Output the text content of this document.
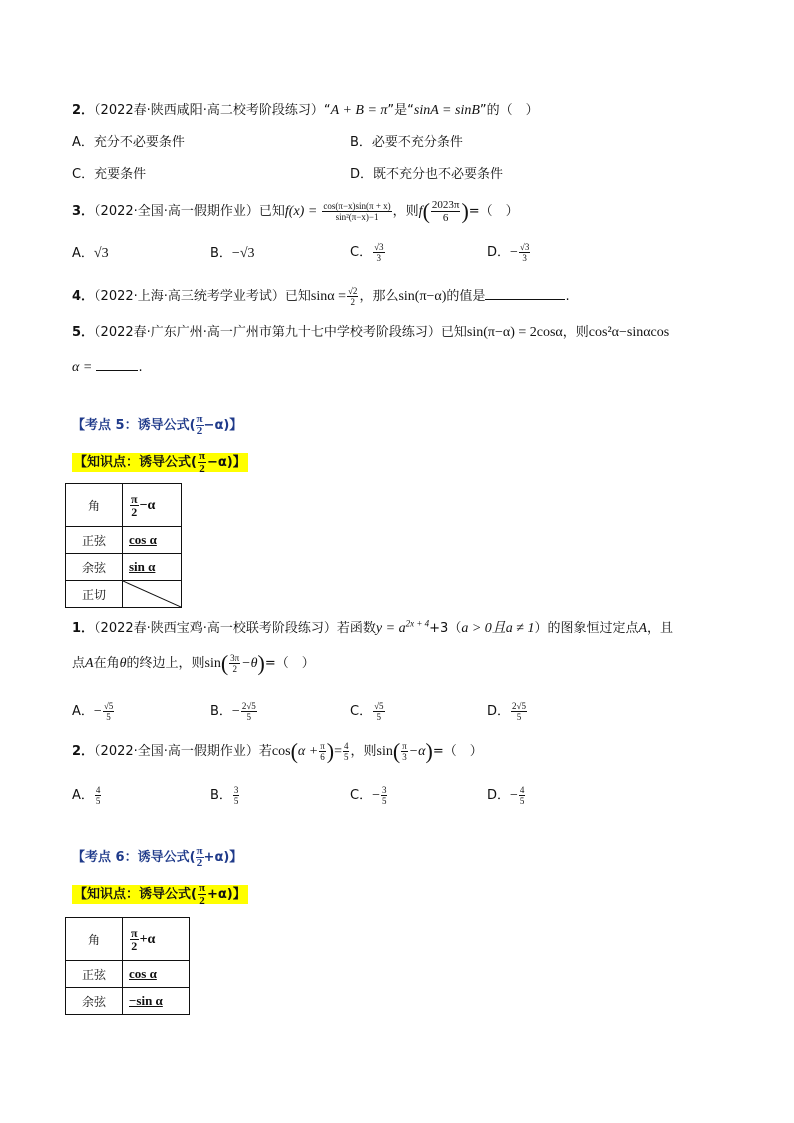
2．（2022春·陕西咸阳·高二校考阶段练习）“A + B = π”是“sinA = sinB”的（　）
A．充分不必要条件	B．必要不充分条件
C．充要条件	D．既不充分也不必要条件
3．（2022·全国·高一假期作业）已知$f(x) = \frac{\cos(\pi-x)\sin(\pi + x)}{\text{sin²(π−x)−1}}$ ，则$f( \frac{2023\pi}{6}$ )=（　）
A．√3	B．−√3	C． $\frac{√3}{3}$	D．− $\frac{√3}{3}$
4．（2022·上海·高三统考学业考试）已知$\sin\alpha = \frac{√2}{2}$ ，那么sin(π−α)的值是	.
5．（2022春·广东广州·高一广州市第九十七中学校考阶段练习）已知sin(π−α) = 2cosα，则cos²α−sinαcos
α =	.
【考点 5：诱导公式( $\frac{\pi}{2} -\alpha$)】
【知识点：诱导公式( $\frac{\pi}{2} -\alpha$)】
角	$\frac{\pi}{2} -\alpha$
正弦	cos α
余弦	sin α
正切	
1．（2022春·陕西宝鸡·高一校联考阶段练习）若函数$y = a^{2x + 4}+3(a > 0$且a ≠ 1）的图象恒过定点A，且
点A在角θ的终边上，则$\sin( \frac{3\pi}{2} -\theta)=$（　）
A．− $\frac{√5}{5}$	B．− $\frac{2√5}{5}$	C． $\frac{√5}{5}$	D． $\frac{2√5}{5}$
2．（2022·全国·高一假期作业）若$\cos(\alpha + \frac{\pi}{6}$ )= $\frac{4}{5}$ ，则$\sin( \frac{\pi}{3} -\alpha)=$（　）
A． $\frac{4}{5}$	B． $\frac{3}{5}$	C．− $\frac{3}{5}$	D．− $\frac{4}{5}$
【考点 6：诱导公式( $\frac{\pi}{2} +\alpha$)】
【知识点：诱导公式( $\frac{\pi}{2} +\alpha$)】
角	$\frac{\pi}{2} +\alpha$
正弦	cos α
余弦	−sin α
